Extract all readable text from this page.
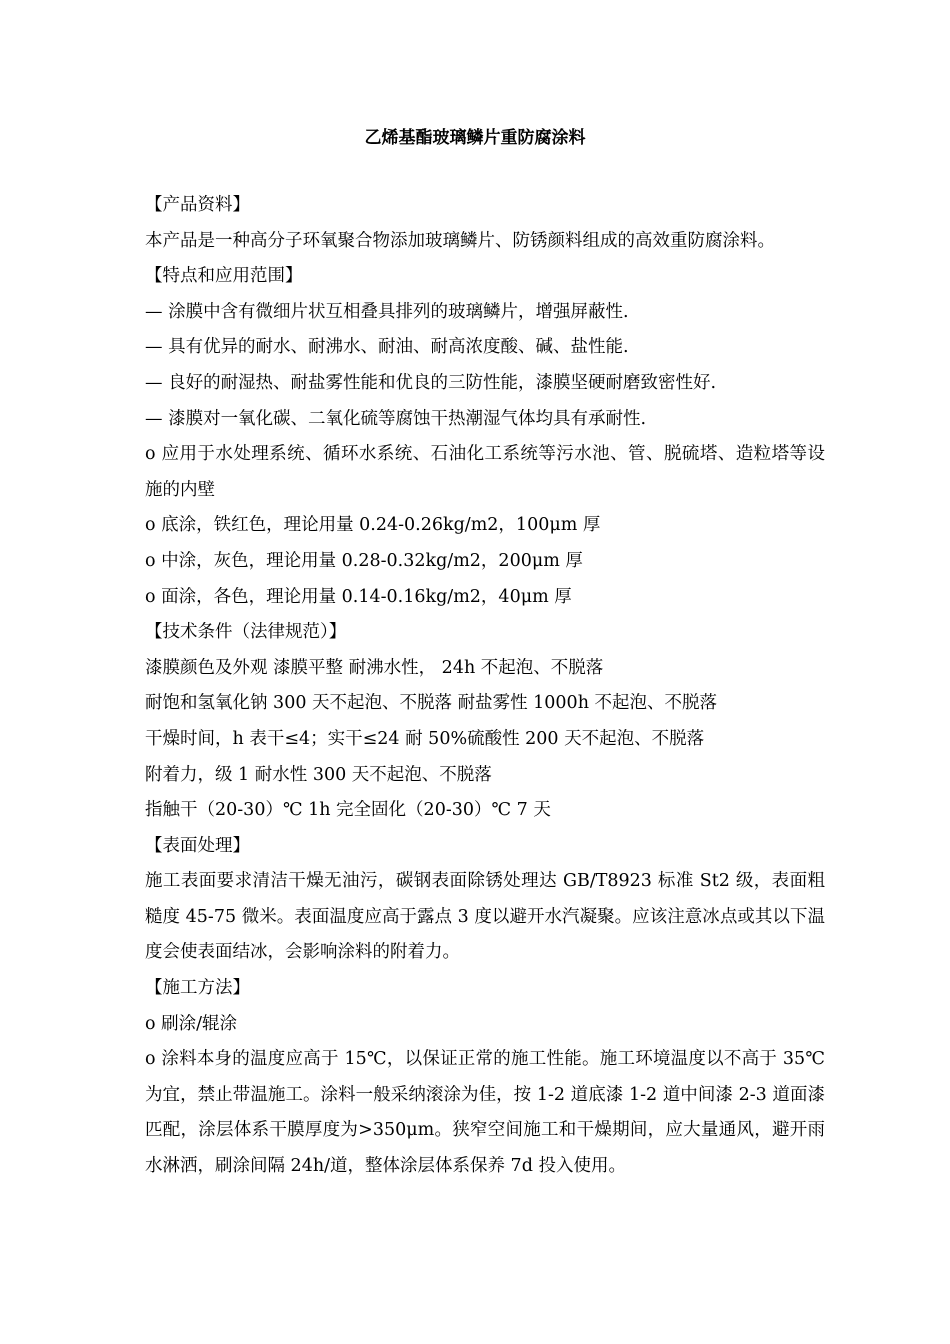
乙烯基酯玻璃鳞片重防腐涂料

【产品资料】

本产品是一种高分子环氧聚合物添加玻璃鳞片、防锈颜料组成的高效重防腐涂料。

【特点和应用范围】

— 涂膜中含有微细片状互相叠具排列的玻璃鳞片，增强屏蔽性.

— 具有优异的耐水、耐沸水、耐油、耐高浓度酸、碱、盐性能.

— 良好的耐湿热、耐盐雾性能和优良的三防性能，漆膜坚硬耐磨致密性好.

— 漆膜对一氧化碳、二氧化硫等腐蚀干热潮湿气体均具有承耐性.

o 应用于水处理系统、循环水系统、石油化工系统等污水池、管、脱硫塔、造粒塔等设施的内壁

o 底涂，铁红色，理论用量 0.24-0.26kg/m2，100μm 厚

o 中涂，灰色，理论用量 0.28-0.32kg/m2，200μm 厚

o 面涂，各色，理论用量 0.14-0.16kg/m2，40μm 厚

【技术条件（法律规范）】

漆膜颜色及外观 漆膜平整 耐沸水性， 24h 不起泡、不脱落

耐饱和氢氧化钠 300 天不起泡、不脱落 耐盐雾性 1000h 不起泡、不脱落

干燥时间，h 表干≤4；实干≤24 耐 50%硫酸性 200 天不起泡、不脱落

附着力，级 1 耐水性 300 天不起泡、不脱落

指触干（20-30）℃ 1h 完全固化（20-30）℃ 7 天

【表面处理】

施工表面要求清洁干燥无油污，碳钢表面除锈处理达 GB/T8923 标准 St2 级，表面粗糙度 45-75 微米。表面温度应高于露点 3 度以避开水汽凝聚。应该注意冰点或其以下温度会使表面结冰，会影响涂料的附着力。

【施工方法】

o 刷涂/辊涂

o 涂料本身的温度应高于 15℃，以保证正常的施工性能。施工环境温度以不高于 35℃为宜，禁止带温施工。涂料一般采纳滚涂为佳，按 1-2 道底漆 1-2 道中间漆 2-3 道面漆匹配，涂层体系干膜厚度为>350μm。狭窄空间施工和干燥期间，应大量通风，避开雨水淋洒，刷涂间隔 24h/道，整体涂层体系保养 7d 投入使用。
